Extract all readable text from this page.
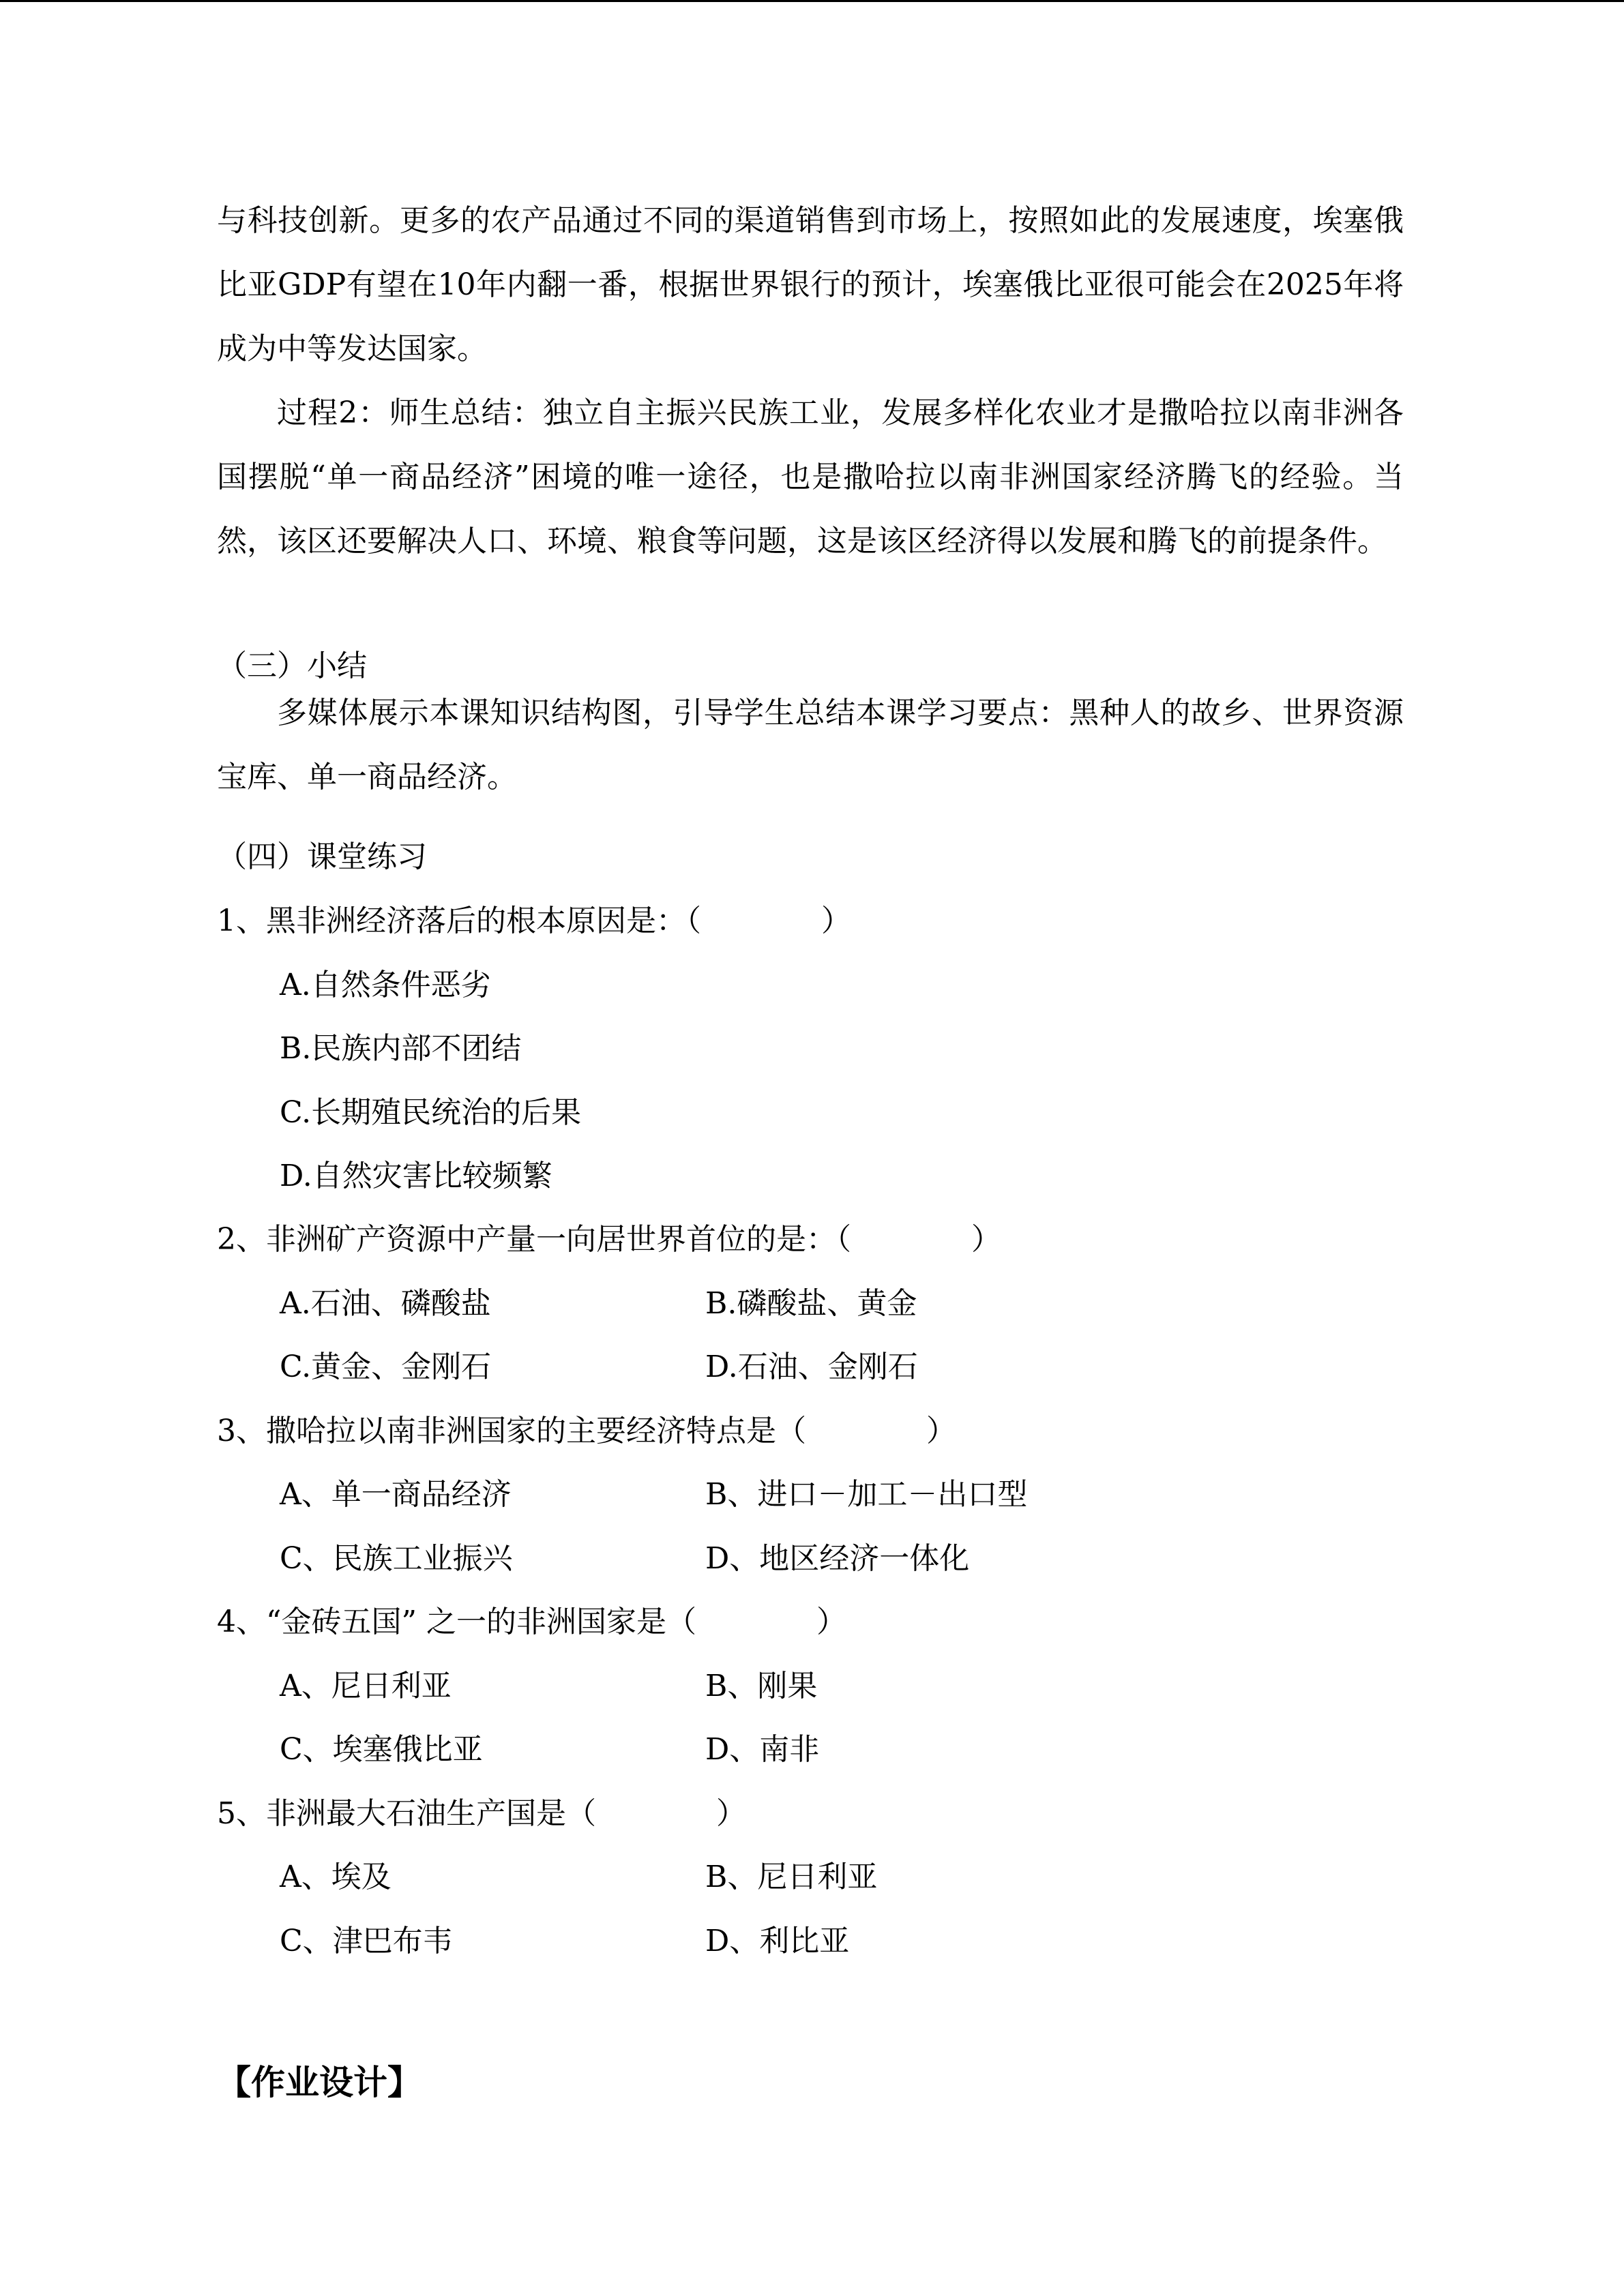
与科技创新。更多的农产品通过不同的渠道销售到市场上，按照如此的发展速度，埃塞俄比亚GDP有望在10年内翻一番，根据世界银行的预计，埃塞俄比亚很可能会在2025年将成为中等发达国家。
过程2：师生总结：独立自主振兴民族工业，发展多样化农业才是撒哈拉以南非洲各国摆脱“单一商品经济”困境的唯一途径，也是撒哈拉以南非洲国家经济腾飞的经验。当然，该区还要解决人口、环境、粮食等问题，这是该区经济得以发展和腾飞的前提条件。
（三）小结
多媒体展示本课知识结构图，引导学生总结本课学习要点：黑种人的故乡、世界资源宝库、单一商品经济。
（四）课堂练习
1、黑非洲经济落后的根本原因是：（　　　　）
A.自然条件恶劣
B.民族内部不团结
C.长期殖民统治的后果
D.自然灾害比较频繁
2、非洲矿产资源中产量一向居世界首位的是：（　　　　）
A.石油、磷酸盐	B.磷酸盐、黄金
C.黄金、金刚石	D.石油、金刚石
3、撒哈拉以南非洲国家的主要经济特点是（　　　　）
A、单一商品经济	B、进口－加工－出口型
C、民族工业振兴	D、地区经济一体化
4、“金砖五国” 之一的非洲国家是（　　　　）
A、尼日利亚	B、刚果
C、埃塞俄比亚	D、南非
5、非洲最大石油生产国是（　　　　）
A、埃及	B、尼日利亚
C、津巴布韦	D、利比亚
【作业设计】
